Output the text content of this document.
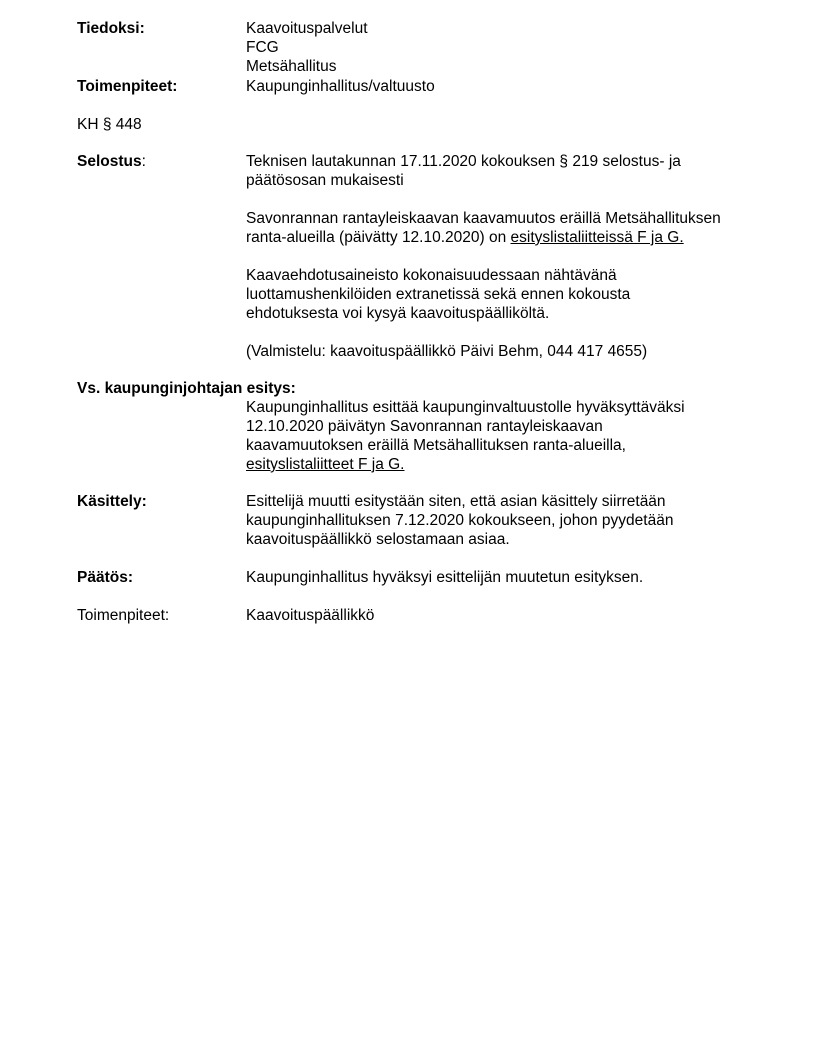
Tiedoksi:	Kaavoituspalvelut
FCG
Metsähallitus
Toimenpiteet:	Kaupunginhallitus/valtuusto
KH § 448
Selostus:	Teknisen lautakunnan 17.11.2020 kokouksen § 219 selostus- ja
päätösosan mukaisesti
Savonrannan rantayleiskaavan kaavamuutos eräillä Metsähallituksen
ranta-alueilla (päivätty 12.10.2020) on esityslistaliitteissä F ja G.
Kaavaehdotusaineisto kokonaisuudessaan nähtävänä
luottamushenkilöiden extranetissä sekä ennen kokousta
ehdotuksesta voi kysyä kaavoituspäälliköltä.
(Valmistelu: kaavoituspäällikkö Päivi Behm, 044 417 4655)
Vs. kaupunginjohtajan esitys:
Kaupunginhallitus esittää kaupunginvaltuustolle hyväksyttäväksi
12.10.2020 päivätyn Savonrannan rantayleiskaavan
kaavamuutoksen eräillä Metsähallituksen ranta-alueilla,
esityslistaliitteet F ja G.
Käsittely:	Esittelijä muutti esitystään siten, että asian käsittely siirretään
kaupunginhallituksen 7.12.2020 kokoukseen, johon pyydetään
kaavoituspäällikkö selostamaan asiaa.
Päätös:	Kaupunginhallitus hyväksyi esittelijän muutetun esityksen.
Toimenpiteet:	Kaavoituspäällikkö
